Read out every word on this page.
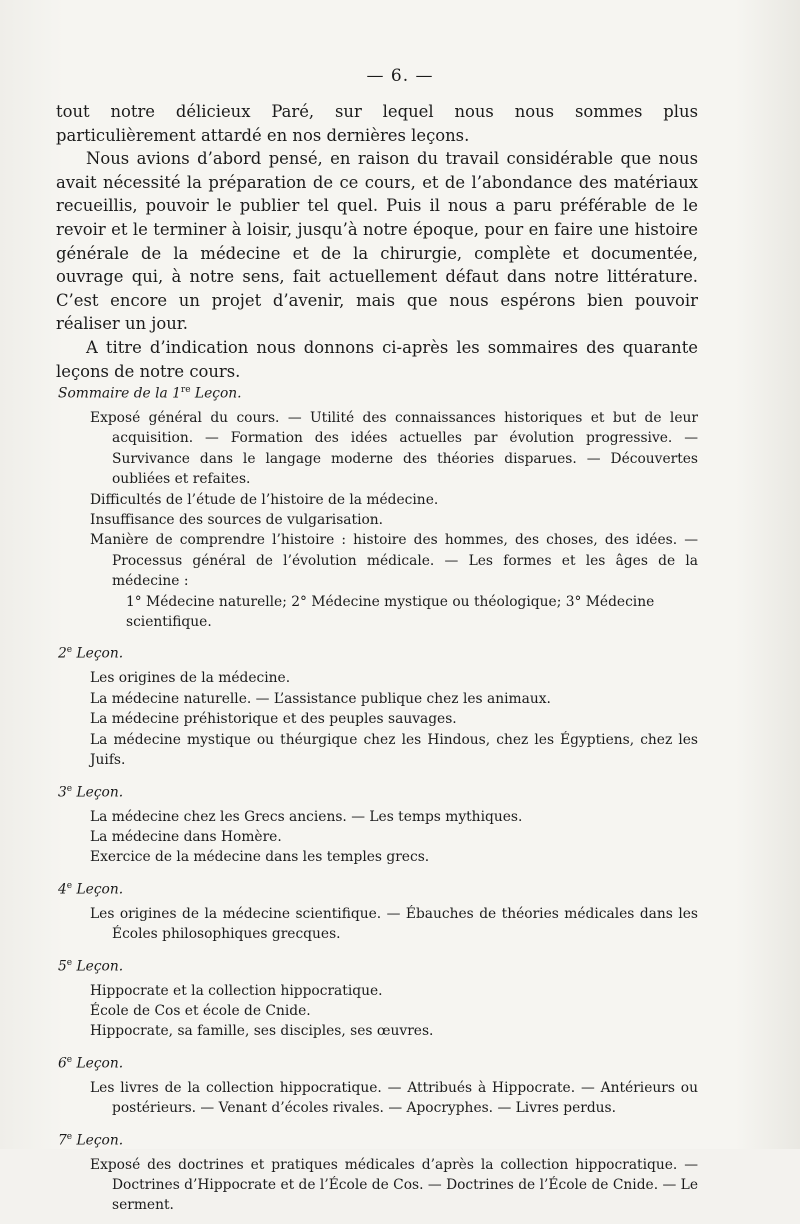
— 6. —

tout notre délicieux Paré, sur lequel nous nous sommes plus particulièrement attardé en nos dernières leçons.

Nous avions d’abord pensé, en raison du travail considérable que nous avait nécessité la préparation de ce cours, et de l’abondance des matériaux recueillis, pouvoir le publier tel quel. Puis il nous a paru préférable de le revoir et le terminer à loisir, jusqu’à notre époque, pour en faire une histoire générale de la médecine et de la chirurgie, complète et documentée, ouvrage qui, à notre sens, fait actuellement défaut dans notre littérature. C’est encore un projet d’avenir, mais que nous espérons bien pouvoir réaliser un jour.

A titre d’indication nous donnons ci-après les sommaires des quarante leçons de notre cours.

Sommaire de la 1re Leçon.
Exposé général du cours. — Utilité des connaissances historiques et but de leur acquisition. — Formation des idées actuelles par évolution progressive. — Survivance dans le langage moderne des théories disparues. — Découvertes oubliées et refaites.
Difficultés de l’étude de l’histoire de la médecine.
Insuffisance des sources de vulgarisation.
Manière de comprendre l’histoire : histoire des hommes, des choses, des idées. — Processus général de l’évolution médicale. — Les formes et les âges de la médecine :
1° Médecine naturelle; 2° Médecine mystique ou théologique; 3° Médecine scientifique.
2e Leçon.
Les origines de la médecine.
La médecine naturelle. — L’assistance publique chez les animaux.
La médecine préhistorique et des peuples sauvages.
La médecine mystique ou théurgique chez les Hindous, chez les Égyptiens, chez les Juifs.
3e Leçon.
La médecine chez les Grecs anciens. — Les temps mythiques.
La médecine dans Homère.
Exercice de la médecine dans les temples grecs.
4e Leçon.
Les origines de la médecine scientifique. — Ébauches de théories médicales dans les Écoles philosophiques grecques.
5e Leçon.
Hippocrate et la collection hippocratique.
École de Cos et école de Cnide.
Hippocrate, sa famille, ses disciples, ses œuvres.
6e Leçon.
Les livres de la collection hippocratique. — Attribués à Hippocrate. — Antérieurs ou postérieurs. — Venant d’écoles rivales. — Apocryphes. — Livres perdus.
7e Leçon.
Exposé des doctrines et pratiques médicales d’après la collection hippocratique. — Doctrines d’Hippocrate et de l’École de Cos. — Doctrines de l’École de Cnide. — Le serment.
